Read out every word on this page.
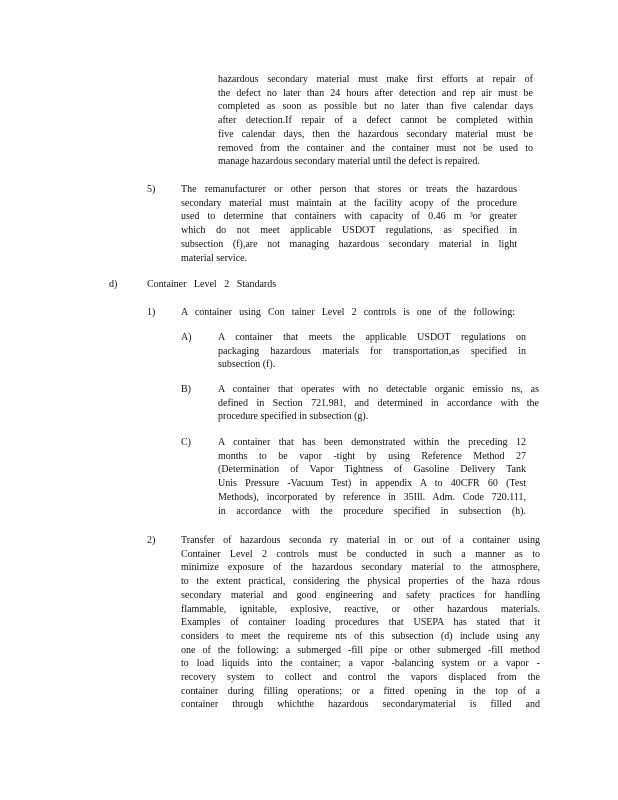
hazardous secondary material must make first efforts at repair of
the defect no later than 24 hours after detection and rep air must be
completed as soon as possible but no later than five calendar days
after detection.If repair of a defect cannot be completed within
five calendar days, then the hazardous secondary material must be
removed from the container and the container must not be used to
manage hazardous secondary material until the defect is repaired.
5)	The remanufacturer or other person that stores or treats the hazardous
secondary material must maintain at the facility acopy of the procedure
used to determine that containers with capacity of 0.46 m ³or greater
which do not meet applicable USDOT regulations, as specified in
subsection (f),are not managing hazardous secondary material in light
material service.
d)	Container Level 2 Standards
1)	A container using Con tainer Level 2 controls is one of the following:
A)	A container that meets the applicable USDOT regulations on
packaging hazardous materials for transportation,as specified in
subsection (f).
B)	A container that operates with no detectable organic emissio ns, as
defined in Section 721.981, and determined in accordance with the
procedure specified in subsection (g).
C)	A container that has been demonstrated within the preceding 12
months to be vapor -tight by using Reference Method 27
(Determination of Vapor Tightness of Gasoline Delivery Tank
Unis Pressure -Vacuum Test) in appendix A to 40CFR 60 (Test
Methods), incorporated by reference in 35Ill. Adm. Code 720.111,
in accordance with the procedure specified in subsection (h).
2)	Transfer of hazardous seconda ry material in or out of a container using
Container Level 2 controls must be conducted in such a manner as to
minimize exposure of the hazardous secondary material to the atmosphere,
to the extent practical, considering the physical properties of the haza rdous
secondary material and good engineering and safety practices for handling
flammable, ignitable, explosive, reactive, or other hazardous materials.
Examples of container loading procedures that USEPA has stated that it
considers to meet the requireme nts of this subsection (d) include using any
one of the following: a submerged -fill pipe or other submerged -fill method
to load liquids into the container; a vapor -balancing system or a vapor -
recovery system to collect and control the vapors displaced from the
container during filling operations; or a fitted opening in the top of a
container through whichthe hazardous secondarymaterial is filled and
